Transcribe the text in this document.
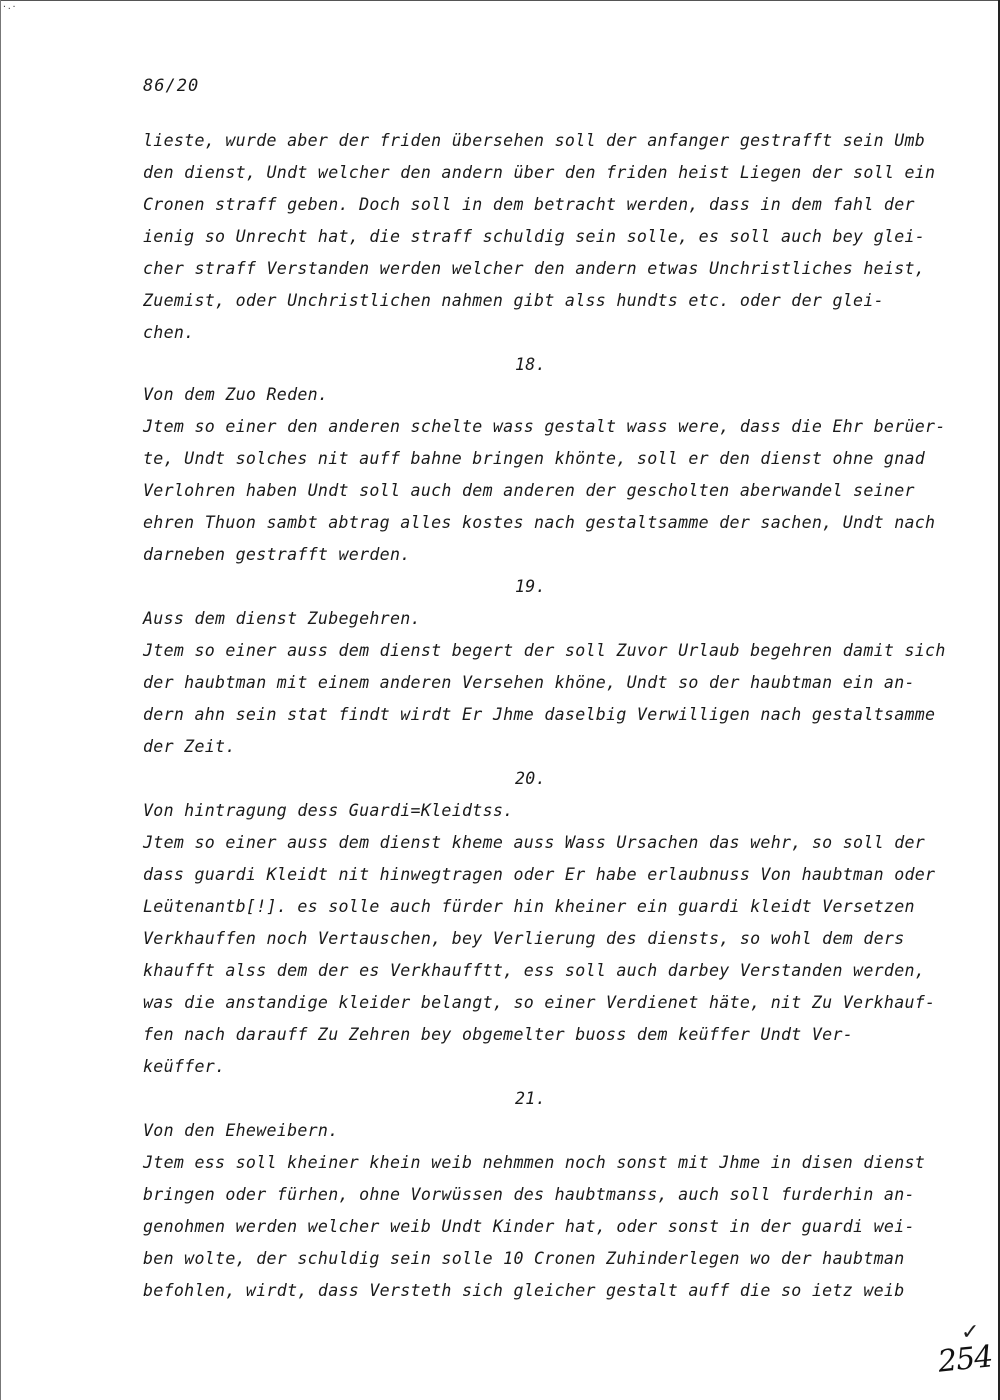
·.·
86/20
lieste, wurde aber der friden übersehen soll der anfanger gestrafft sein Umb
den dienst, Undt welcher den andern über den friden heist Liegen der soll ein
Cronen straff geben. Doch soll in dem betracht werden, dass in dem fahl der
ienig so Unrecht hat, die straff schuldig sein solle, es soll auch bey glei-
cher straff Verstanden werden welcher den andern etwas Unchristliches heist,
Zuemist, oder Unchristlichen nahmen gibt alss hundts etc. oder der glei-
chen.
18.
Von dem Zuo Reden.
Jtem so einer den anderen schelte wass gestalt wass were, dass die Ehr berüer-
te, Undt solches nit auff bahne bringen khönte, soll er den dienst ohne gnad
Verlohren haben Undt soll auch dem anderen der gescholten aberwandel seiner
ehren Thuon sambt abtrag alles kostes nach gestaltsamme der sachen, Undt nach
darneben gestrafft werden.
19.
Auss dem dienst Zubegehren.
Jtem so einer auss dem dienst begert der soll Zuvor Urlaub begehren damit sich
der haubtman mit einem anderen Versehen khöne, Undt so der haubtman ein an-
dern ahn sein stat findt wirdt Er Jhme daselbig Verwilligen nach gestaltsamme
der Zeit.
20.
Von hintragung dess Guardi=Kleidtss.
Jtem so einer auss dem dienst kheme auss Wass Ursachen das wehr, so soll der
dass guardi Kleidt nit hinwegtragen oder Er habe erlaubnuss Von haubtman oder
Leütenantb[!]. es solle auch fürder hin kheiner ein guardi kleidt Versetzen
Verkhauffen noch Vertauschen, bey Verlierung des diensts, so wohl dem ders
khaufft alss dem der es Verkhaufftt, ess soll auch darbey Verstanden werden,
was die anstandige kleider belangt, so einer Verdienet häte, nit Zu Verkhauf-
fen nach darauff Zu Zehren bey obgemelter buoss dem keüffer Undt Ver-
keüffer.
21.
Von den Eheweibern.
Jtem ess soll kheiner khein weib nehmmen noch sonst mit Jhme in disen dienst
bringen oder fürhen, ohne Vorwüssen des haubtmanss, auch soll furderhin an-
genohmen werden welcher weib Undt Kinder hat, oder sonst in der guardi wei-
ben wolte, der schuldig sein solle 10 Cronen Zuhinderlegen wo der haubtman
befohlen, wirdt, dass Versteth sich gleicher gestalt auff die so ietz weib
✓
254
